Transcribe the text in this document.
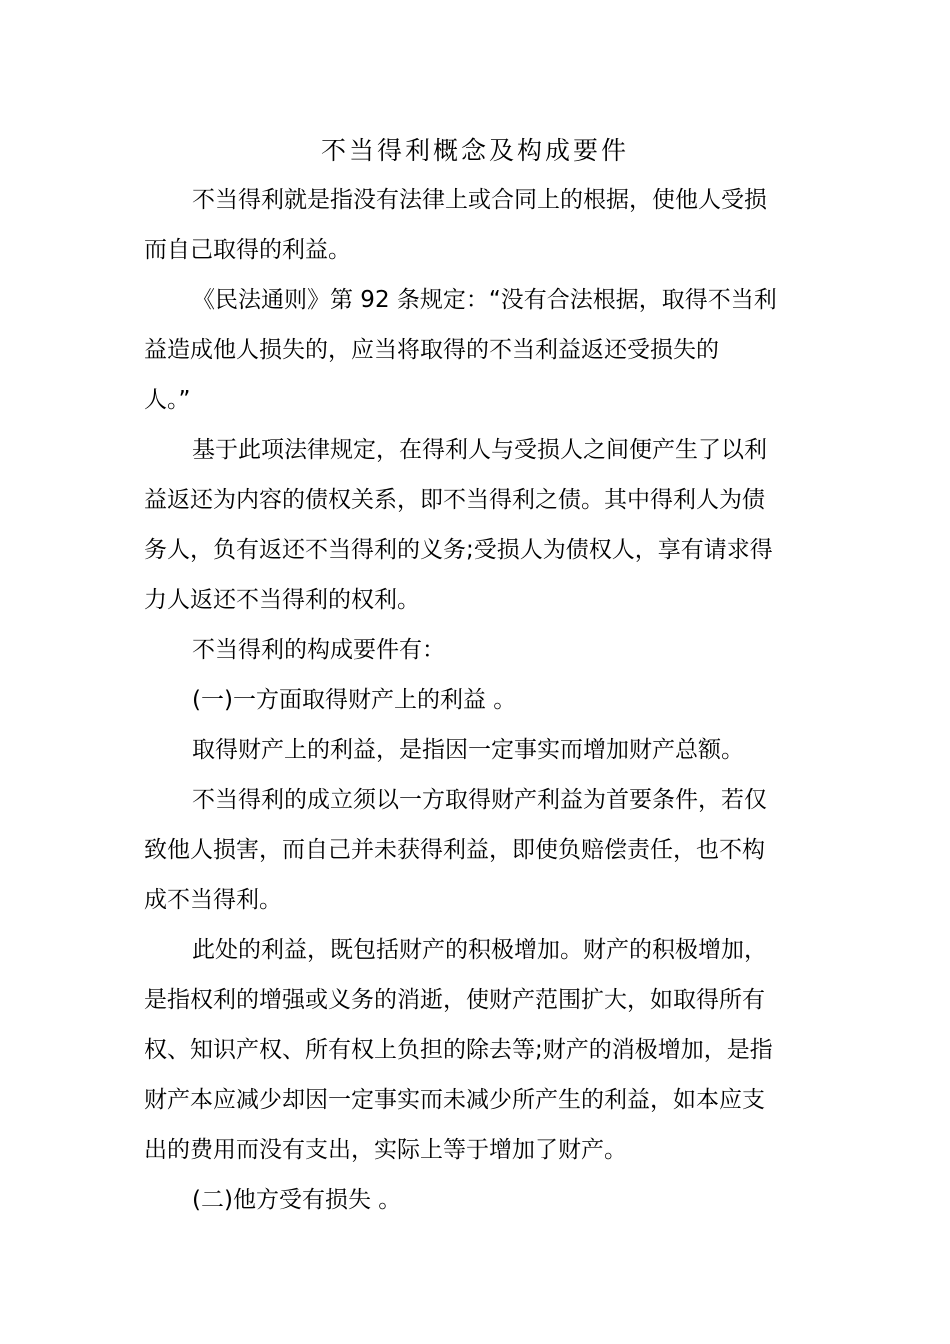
不当得利概念及构成要件

不当得利就是指没有法律上或合同上的根据，使他人受损
而自己取得的利益。

《民法通则》第 92 条规定：“没有合法根据，取得不当利
益造成他人损失的，应当将取得的不当利益返还受损失的
人。”

基于此项法律规定，在得利人与受损人之间便产生了以利
益返还为内容的债权关系，即不当得利之债。其中得利人为债
务人，负有返还不当得利的义务;受损人为债权人，享有请求得
力人返还不当得利的权利。

不当得利的构成要件有：

(一)一方面取得财产上的利益 。

取得财产上的利益，是指因一定事实而增加财产总额。

不当得利的成立须以一方取得财产利益为首要条件，若仅
致他人损害，而自己并未获得利益，即使负赔偿责任，也不构
成不当得利。

此处的利益，既包括财产的积极增加。财产的积极增加，
是指权利的增强或义务的消逝，使财产范围扩大，如取得所有
权、知识产权、所有权上负担的除去等;财产的消极增加，是指
财产本应减少却因一定事实而未减少所产生的利益，如本应支
出的费用而没有支出，实际上等于增加了财产。

(二)他方受有损失 。
